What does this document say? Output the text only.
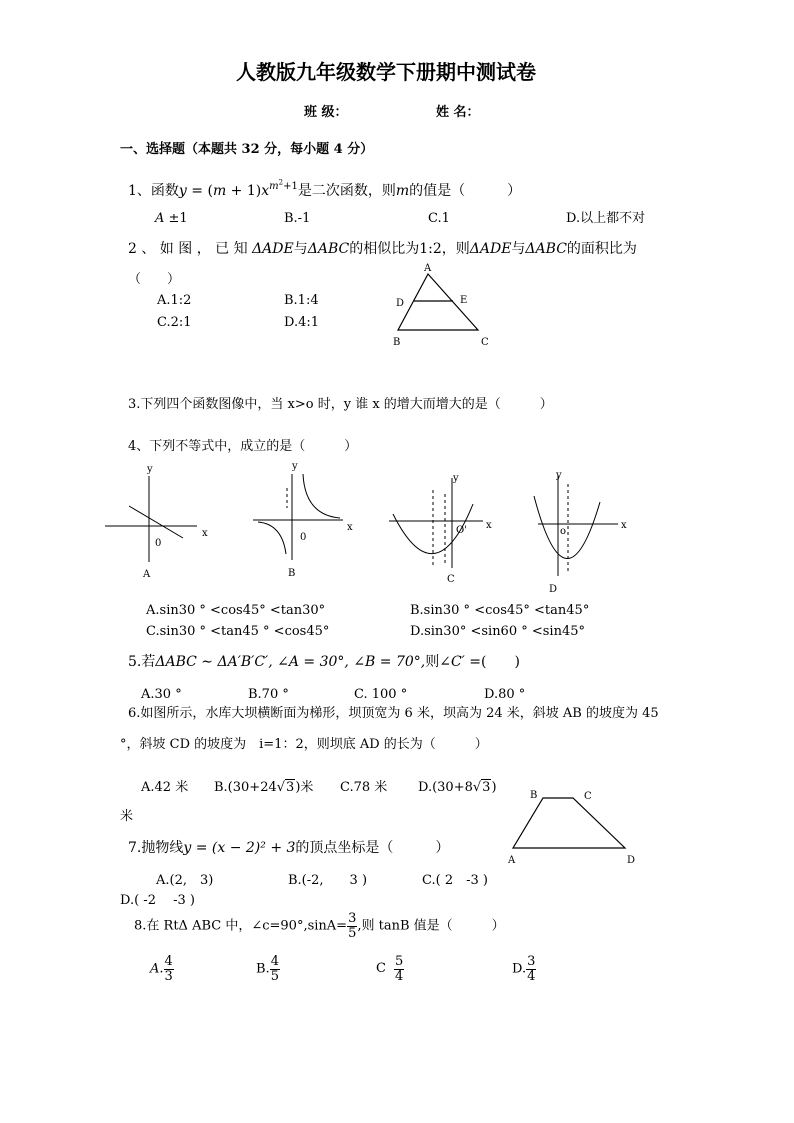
人教版九年级数学下册期中测试卷
班 级：	姓 名：
一、选择题（本题共 32 分，每小题 4 分）
1、函数$y = (m + 1)x^{m^2+1}$是二次函数，则m的值是（　　　）
A ±1	B.-1	C.1	D.以上都不对
2 、 如 图 ， 已 知 ΔADE与ΔABC的相似比为1:2，则ΔADE与ΔABC的面积比为
（　　）
A.1:2	B.1:4
C.2:1	D.4:1
A
D	E
B	C
3.下列四个函数图像中，当 x>o 时，y 谁 x 的增大而增大的是（　　　）
4、下列不等式中，成立的是（　　　）
y
x
0
A
y
x
0
B
y
x
O'
C
y
x
o
D
A.sin30 ° <cos45° <tan30°	B.sin30 ° <cos45° <tan45°
C.sin30 ° <tan45 ° <cos45°	D.sin30° <sin60 ° <sin45°
5.若ΔABC ∼ ΔA′B′C′, ∠A = 30°, ∠B = 70°,则∠C′ =(　　)
A.30 °	B.70 °	C. 100 °	D.80 °
6.如图所示，水库大坝横断面为梯形，坝顶宽为 6 米，坝高为 24 米，斜坡 AB 的坡度为 45
°，斜坡 CD 的坡度为　i=1：2，则坝底 AD 的长为（　　　）
A.42 米 B.(30+24√3)米 C.78 米 D.(30+8√3)
米
B	C
A	D
7.抛物线y = (x − 2)² + 3的顶点坐标是（　　　）
A.(2,　3)	B.(-2,　　3 )	C.( 2　-3 )
D.( -2　 -3 )
8.在 RtΔ ABC 中，∠c=90°,sinA= $\frac{3}{5}$ ,则 tanB 值是（　　　）
A. $\frac{4}{3}$	B. $\frac{4}{5}$	C $\frac{5}{4}$	D. $\frac{3}{4}$
